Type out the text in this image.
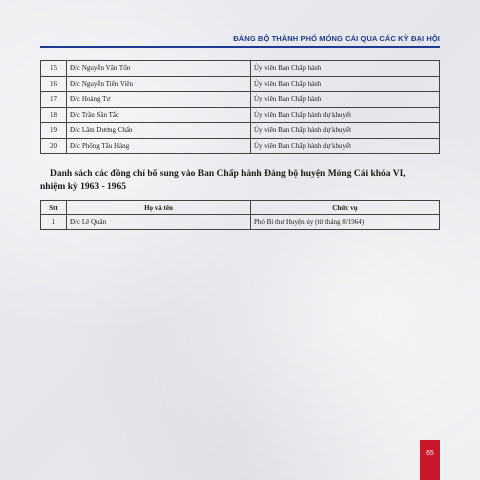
ĐẢNG BỘ THÀNH PHỐ MÓNG CÁI QUA CÁC KỲ ĐẠI HỘI
15	Đ/c Nguyễn Văn Tốn	Ủy viên Ban Chấp hành
16	Đ/c Nguyễn Tiến Viên	Ủy viên Ban Chấp hành
17	Đ/c Hoàng Tư	Ủy viên Ban Chấp hành
18	Đ/c Trần Sần Tắc	Ủy viên Ban Chấp hành dự khuyết
19	Đ/c Lâm Dương Chấn	Ủy viên Ban Chấp hành dự khuyết
20	Đ/c Phổng Tẩu Hàng	Ủy viên Ban Chấp hành dự khuyết
Danh sách các đồng chí bổ sung vào Ban Chấp hành Đảng bộ huyện Móng Cái khóa VI,
nhiệm kỳ 1963 - 1965
Stt	Họ và tên	Chức vụ
1	Đ/c Lê Quân	Phó Bí thư Huyện ủy (từ tháng 8/1964)
65
